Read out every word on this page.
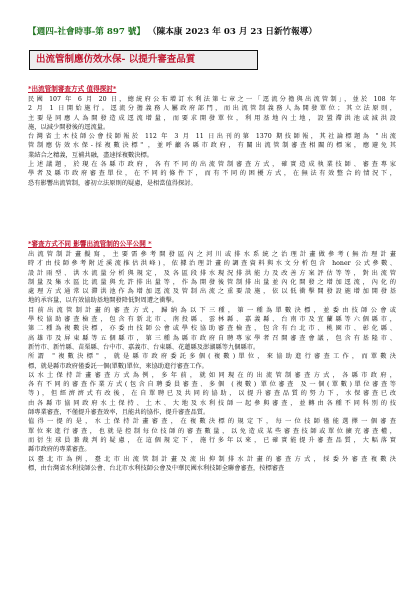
【週四-社會時事-第 897 號】 （陳本康 2023 年 03 月 23 日新竹報導）
出流管制應仿效水保- 以提升審查品質
*出流管制審查方式 值得探討*
民國 107 年 6 月 20 日，總統府公布增訂水利法第七章之一「逕流分擔與出流管制」，並於 108 年
2 月 1 日開始施行。逕流分擔義務人屬政府部門，而出流管制義務人為開發單位；其立法原則，
主要是同應人為開發造成逕流增量，而要求開發單位，利用基地內土地，設置滯洪池或減洪設
施，以減少開發後的逕流量。
台灣省土木技師公會技師報於 112 年 3 月 11 日出刊的第 1370 期技師報，其社論標題為 "出流
管制應仿效水保-採複數決標" ，並呼籲各縣市政府，有關出流管制審查相關的標案，應避免其
業結合之精義，互補共融，盡速採複數決標。
上述議題，於現在各縣市政府，各有不同的出流管制審查方式，確實造成執業技師、審查專家
學者及縣市政府審查單位，在不同的條件下，而有不同的困擾方式，在無法有效整合的情況下，
恐有影響出流管制，審初立法原則的疑慮，是相當值得探討。
*審查方式不同 影響出流管制的公平公開 *
出流管制計畫擬寫，主要需參考開發區內之河川或排水系統之治理計畫做參考(無治理計畫
時才由技師參考附近溪流推估洪峰)，依據治理計畫的調查資料與水文分析包含 honer 公式參數、
設計雨型、洪水流量分析與規定，及各區段排水現況排洪能力及改善方案評估等等，對出流管
制量及集水區比流量與允許排出量等，作為開發後管制排出量並內化開發之增加逕流，內化的
處理方式通常以滯洪池作為增加逕流及管制出流之重要設施，依以低衝擊開發設施增加開發基
地的承容量，以有效協助基地開發降低對周遭之衝擊。
目前出流管制計畫的審查方式，歸納為以下三種，第一種為單數決標，並委由技師公會或
學校協助審查檢查，包含有新北市、南投縣、雲林縣、嘉義縣、台南市及宜蘭縣等六個縣市，
第二種為複數決標，亦委由技師公會或學校協助審查檢查，包含有台北市、桃園市、彰化縣、
高雄市及屏東縣等五個縣市，第三種為縣市政府自聘專家學者召開審查會議，包含有基隆市、
新竹市、新竹縣、苗栗縣、台中市、嘉義市、台東縣、花蓮縣及澎湖縣等九個縣市。
所謂 "複數決標" ，就是縣市政府委託多個(複數)單位，來協助進行審查工作，而單數決
標，就是縣市政府僅委託一個(單數)單位，來協助進行審查工作。
以水土保持計畫審查方式為例，多年前，就如同現在的出流管制審查方式，各縣市政府，
各有不同的審查作業方式(包含自聘委員審查、多個 (複數) 單位審查 及一個(單數)單位審查等
等)，但經濟濟式有改後，在自單聘已及共同的協助，以提升審查品質的努力下，水保審查已改
由各縣市協同政府水土保持、土木、大地及水利技師一起參與審查，並轉由各種不同科別的技
師專業審查，不僅提升審查效率，且能共的協作，提升審查品質。
值得一提的是，水土保持計畫審查，在複數決標的規定下，每一位技師僅能選擇一個審查
單位來進行審查，也就是控制每位技師的審查數量，以免造成某些審查技師或單位擴充審查權，
而衍生球員兼裁判的疑慮，在這個規定下，施行多年以來，已確實能提升審查品質，大幅落實
縣市政府的專業審查。
以臺北市為例，臺北市出流管制計畫及流出抑制排水計畫的審查方式，採委外審查複數決
標，由台灣省水利技師公會、台北市水利技師公會及中華民國水利技師全聯會審查，按標審查
